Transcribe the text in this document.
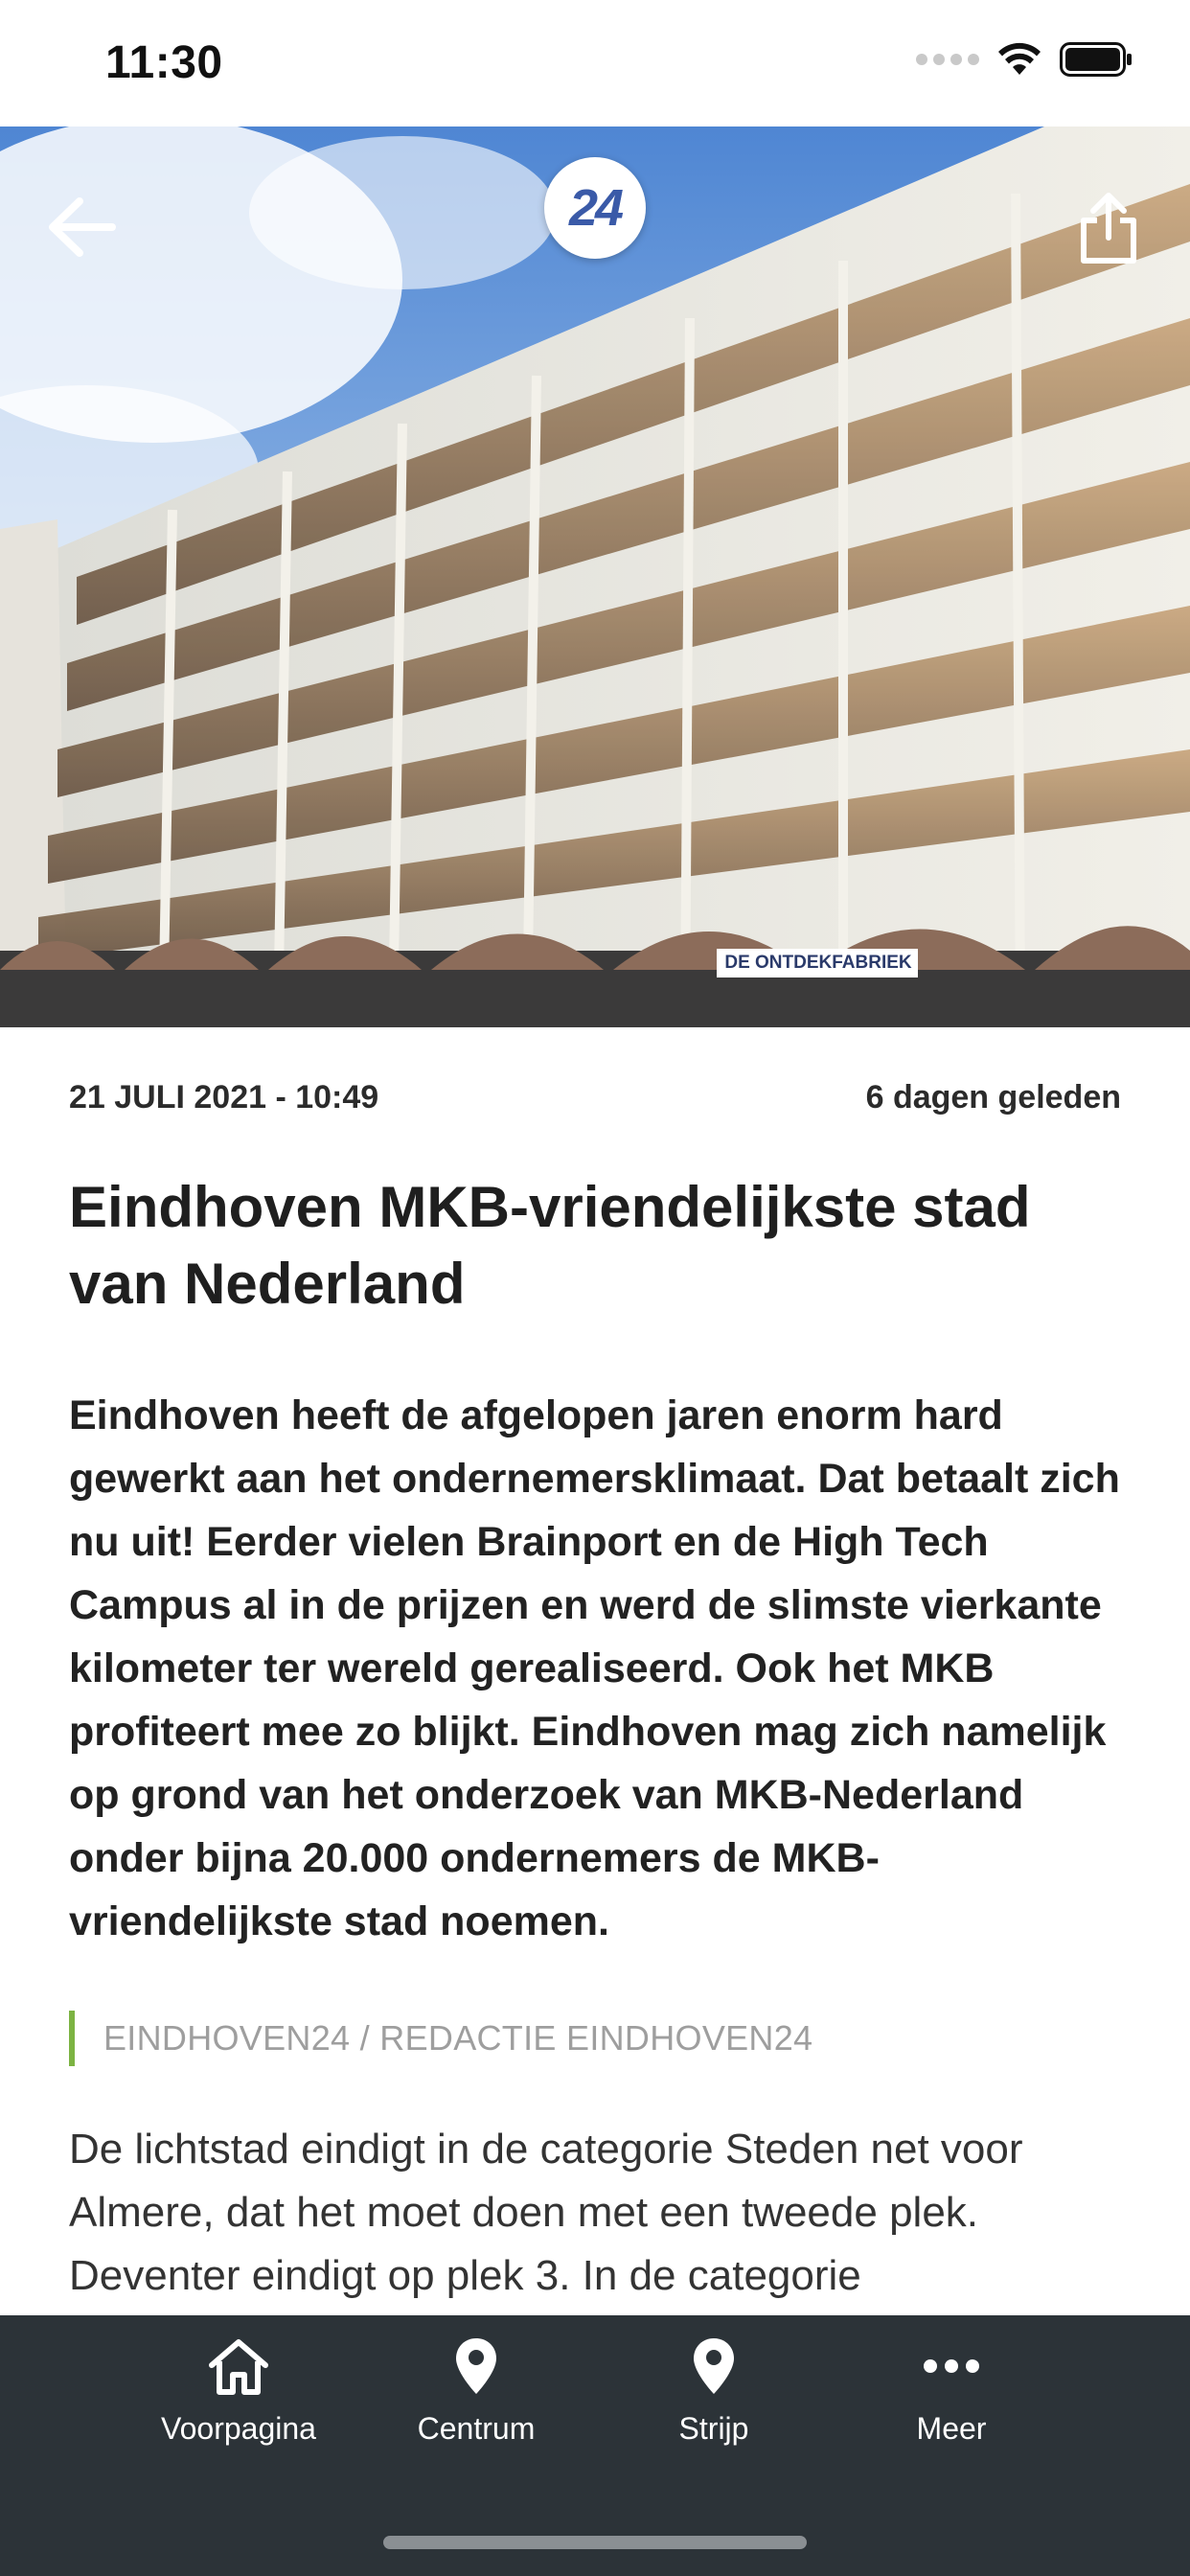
11:30
DE ONTDEKFABRIEK
24
21 JULI 2021 - 10:49	6 dagen geleden
Eindhoven MKB-vriendelijkste stad van Nederland

Eindhoven heeft de afgelopen jaren enorm hard gewerkt aan het ondernemersklimaat. Dat betaalt zich nu uit! Eerder vielen Brainport en de High Tech Campus al in de prijzen en werd de slimste vierkante kilometer ter wereld gerealiseerd. Ook het MKB profiteert mee zo blijkt. Eindhoven mag zich namelijk op grond van het onderzoek van MKB-Nederland onder bijna 20.000 ondernemers de MKB-vriendelijkste stad noemen.

EINDHOVEN24 / REDACTIE EINDHOVEN24

De lichtstad eindigt in de categorie Steden net voor Almere, dat het moet doen met een tweede plek. Deventer eindigt op plek 3. In de categorie

Voorpagina	Centrum	Strijp	Meer
